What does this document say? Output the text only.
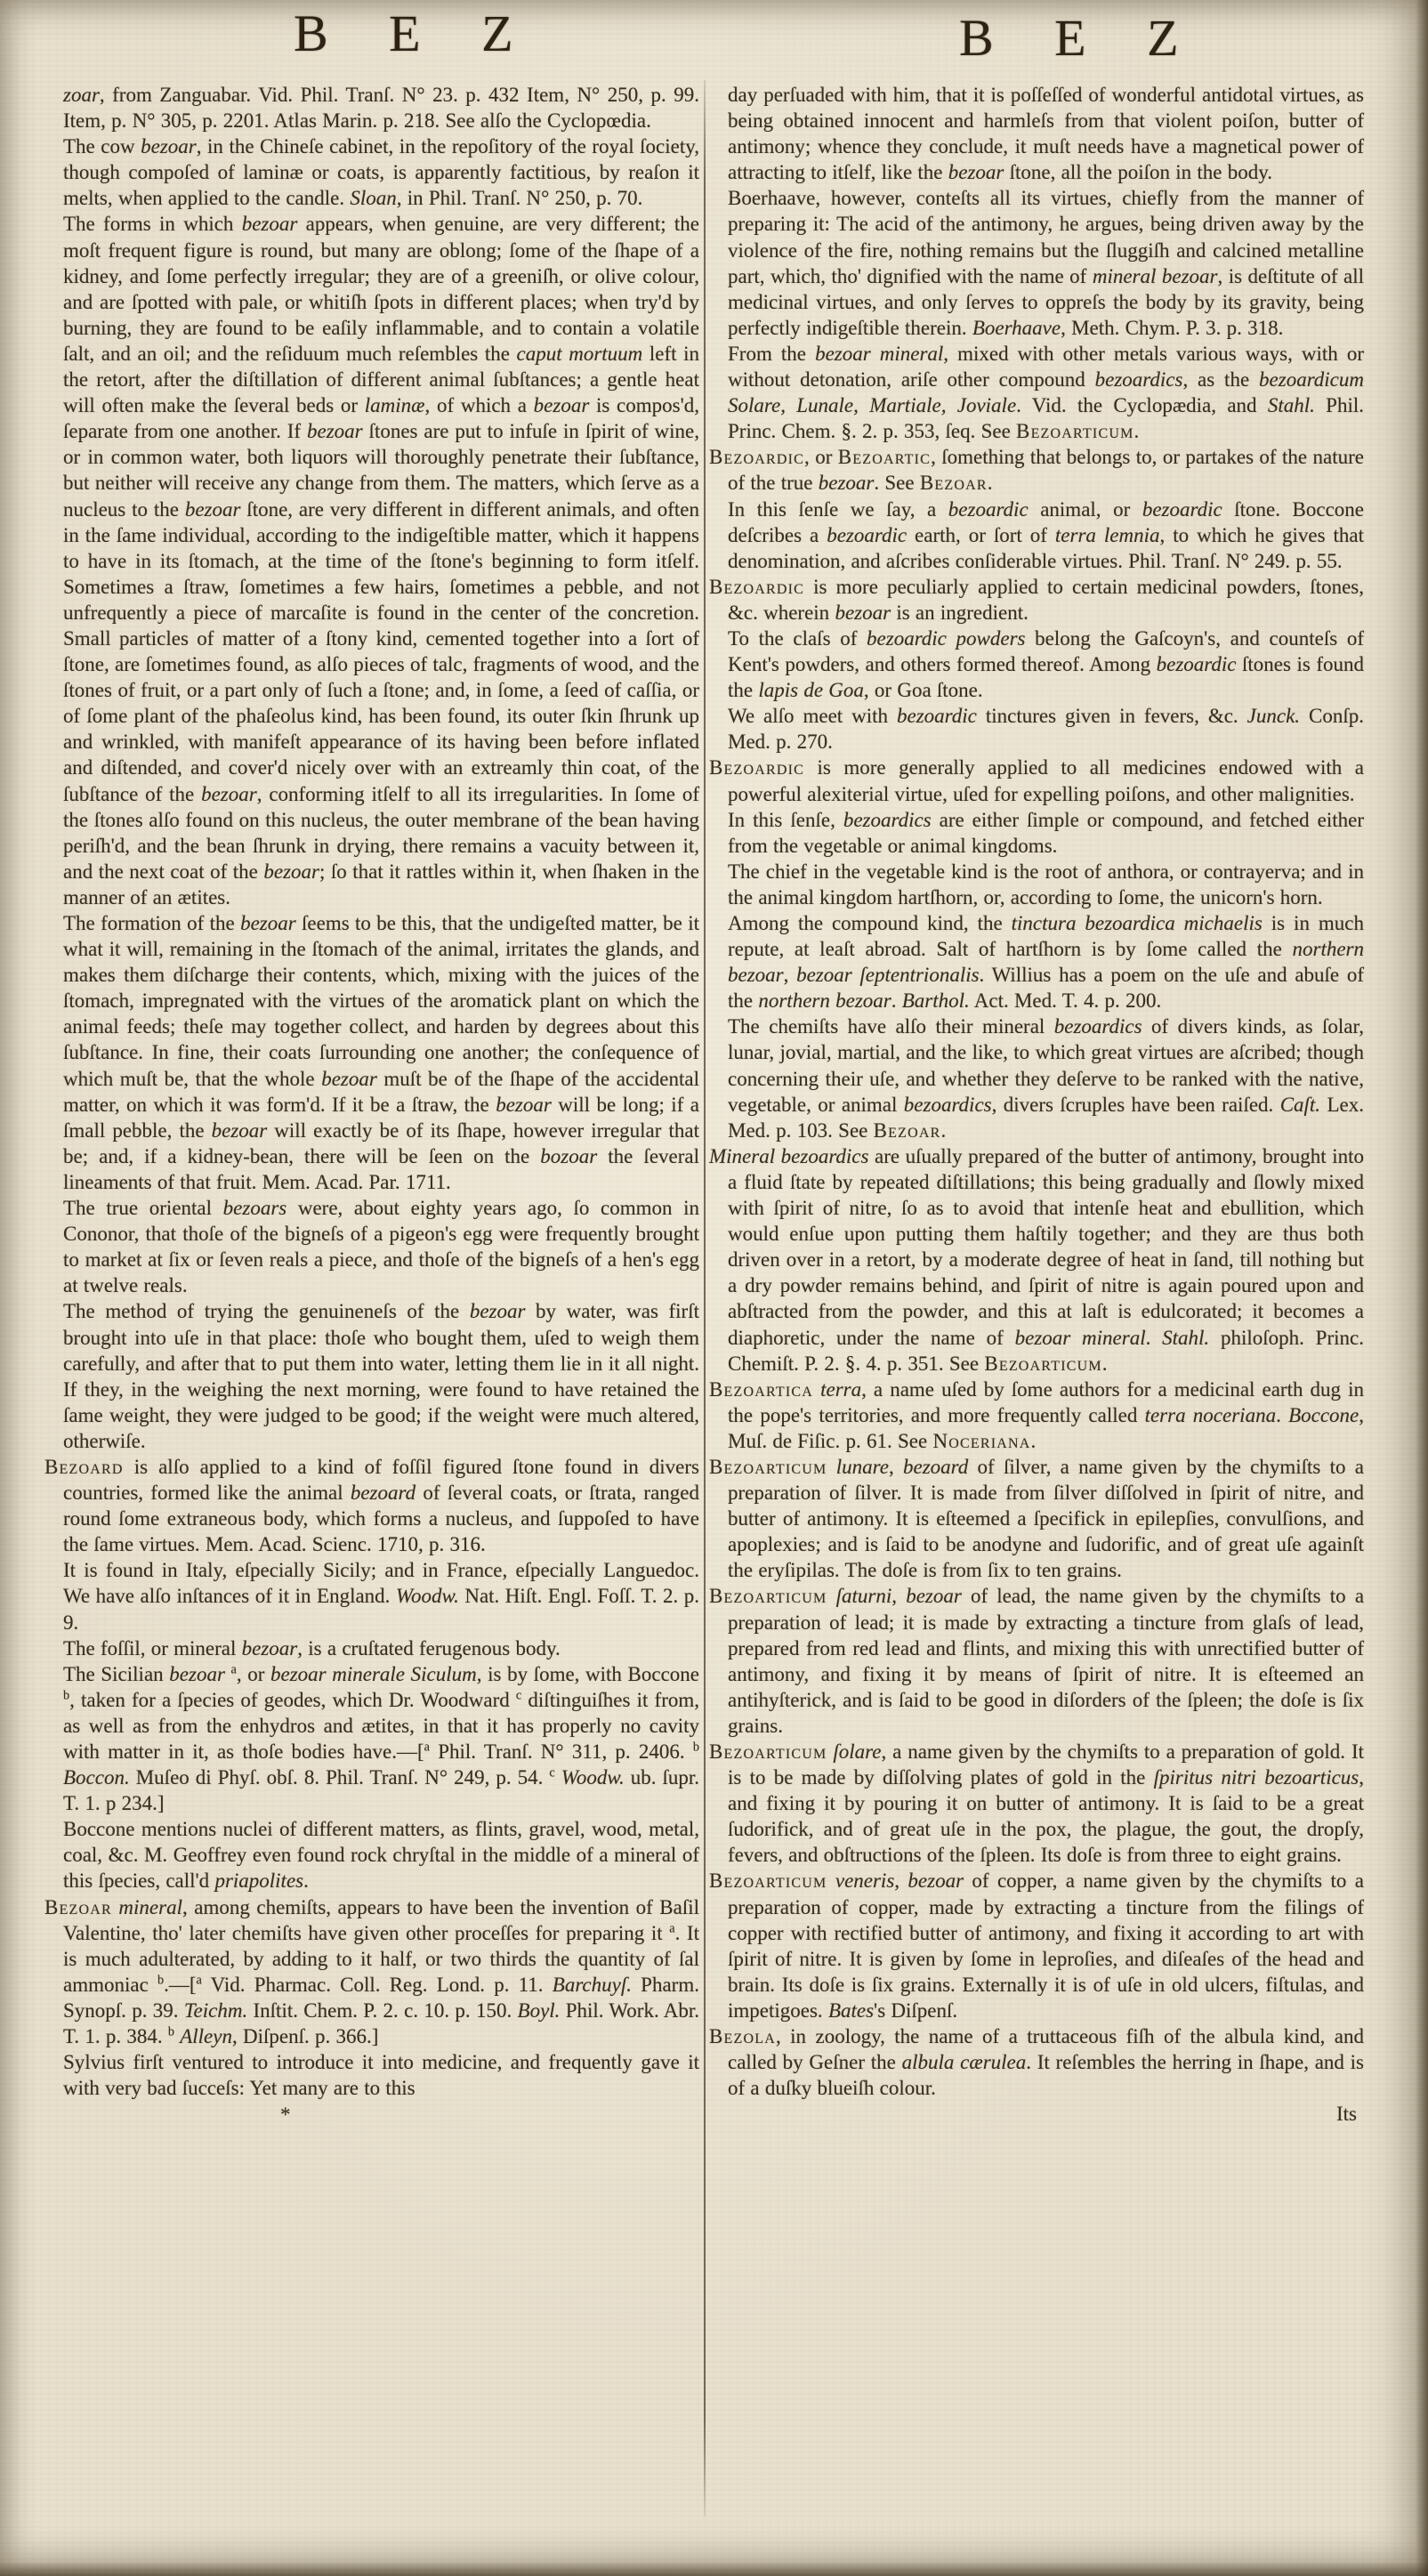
B E Z	B E Z

zoar, from Zanguabar. Vid. Phil. Tranſ. N° 23. p. 432 Item, N° 250, p. 99. Item, p. N° 305, p. 2201. Atlas Marin. p. 218. See alſo the Cyclopœdia.

The cow bezoar, in the Chineſe cabinet, in the repoſitory of the royal ſociety, though compoſed of laminæ or coats, is apparently factitious, by reaſon it melts, when applied to the candle. Sloan, in Phil. Tranſ. N° 250, p. 70.

The forms in which bezoar appears, when genuine, are very different; the moſt frequent figure is round, but many are oblong; ſome of the ſhape of a kidney, and ſome perfectly irregular; they are of a greeniſh, or olive colour, and are ſpotted with pale, or whitiſh ſpots in different places; when try'd by burning, they are found to be eaſily inflammable, and to contain a volatile ſalt, and an oil; and the reſiduum much reſembles the caput mortuum left in the retort, after the diſtillation of different animal ſubſtances; a gentle heat will often make the ſeveral beds or laminæ, of which a bezoar is compos'd, ſeparate from one another. If bezoar ſtones are put to infuſe in ſpirit of wine, or in common water, both liquors will thoroughly penetrate their ſubſtance, but neither will receive any change from them. The matters, which ſerve as a nucleus to the bezoar ſtone, are very different in different animals, and often in the ſame individual, according to the indigeſtible matter, which it happens to have in its ſtomach, at the time of the ſtone's beginning to form itſelf. Sometimes a ſtraw, ſometimes a few hairs, ſometimes a pebble, and not unfrequently a piece of marcaſite is found in the center of the concretion. Small particles of matter of a ſtony kind, cemented together into a ſort of ſtone, are ſometimes found, as alſo pieces of talc, fragments of wood, and the ſtones of fruit, or a part only of ſuch a ſtone; and, in ſome, a ſeed of caſſia, or of ſome plant of the phaſeolus kind, has been found, its outer ſkin ſhrunk up and wrinkled, with manifeſt appearance of its having been before inflated and diſtended, and cover'd nicely over with an extreamly thin coat, of the ſubſtance of the bezoar, conforming itſelf to all its irregularities. In ſome of the ſtones alſo found on this nucleus, the outer membrane of the bean having periſh'd, and the bean ſhrunk in drying, there remains a vacuity between it, and the next coat of the bezoar; ſo that it rattles within it, when ſhaken in the manner of an ætites.

The formation of the bezoar ſeems to be this, that the undigeſted matter, be it what it will, remaining in the ſtomach of the animal, irritates the glands, and makes them diſcharge their contents, which, mixing with the juices of the ſtomach, impregnated with the virtues of the aromatick plant on which the animal feeds; theſe may together collect, and harden by degrees about this ſubſtance. In fine, their coats ſurrounding one another; the conſequence of which muſt be, that the whole bezoar muſt be of the ſhape of the accidental matter, on which it was form'd. If it be a ſtraw, the bezoar will be long; if a ſmall pebble, the bezoar will exactly be of its ſhape, however irregular that be; and, if a kidney-bean, there will be ſeen on the bozoar the ſeveral lineaments of that fruit. Mem. Acad. Par. 1711.

The true oriental bezoars were, about eighty years ago, ſo common in Cononor, that thoſe of the bigneſs of a pigeon's egg were frequently brought to market at ſix or ſeven reals a piece, and thoſe of the bigneſs of a hen's egg at twelve reals.

The method of trying the genuineneſs of the bezoar by water, was firſt brought into uſe in that place: thoſe who bought them, uſed to weigh them carefully, and after that to put them into water, letting them lie in it all night. If they, in the weighing the next morning, were found to have retained the ſame weight, they were judged to be good; if the weight were much altered, otherwiſe.

Bezoard is alſo applied to a kind of foſſil figured ſtone found in divers countries, formed like the animal bezoard of ſeveral coats, or ſtrata, ranged round ſome extraneous body, which forms a nucleus, and ſuppoſed to have the ſame virtues. Mem. Acad. Scienc. 1710, p. 316.

It is found in Italy, eſpecially Sicily; and in France, eſpecially Languedoc. We have alſo inſtances of it in England. Woodw. Nat. Hiſt. Engl. Foſſ. T. 2. p. 9.

The foſſil, or mineral bezoar, is a cruſtated ferugenous body.

The Sicilian bezoar $^a$, or bezoar minerale Siculum, is by ſome, with Boccone $^b$, taken for a ſpecies of geodes, which Dr. Woodward $^c$ diſtinguiſhes it from, as well as from the enhydros and ætites, in that it has properly no cavity with matter in it, as thoſe bodies have.—[$^a$ Phil. Tranſ. N° 311, p. 2406. $^b$ Boccon. Muſeo di Phyſ. obſ. 8. Phil. Tranſ. N° 249, p. 54. $^c$ Woodw. ub. ſupr. T. 1. p 234.]

Boccone mentions nuclei of different matters, as flints, gravel, wood, metal, coal, &c. M. Geoffrey even found rock chryſtal in the middle of a mineral of this ſpecies, call'd priapolites.

Bezoar mineral, among chemiſts, appears to have been the invention of Baſil Valentine, tho' later chemiſts have given other proceſſes for preparing it $^a$. It is much adulterated, by adding to it half, or two thirds the quantity of ſal ammoniac $^b$.—[$^a$ Vid. Pharmac. Coll. Reg. Lond. p. 11. Barchuyſ. Pharm. Synopſ. p. 39. Teichm. Inſtit. Chem. P. 2. c. 10. p. 150. Boyl. Phil. Work. Abr. T. 1. p. 384. $^b$ Alleyn, Diſpenſ. p. 366.]

Sylvius firſt ventured to introduce it into medicine, and frequently gave it with very bad ſucceſs: Yet many are to this

*

day perſuaded with him, that it is poſſeſſed of wonderful antidotal virtues, as being obtained innocent and harmleſs from that violent poiſon, butter of antimony; whence they conclude, it muſt needs have a magnetical power of attracting to itſelf, like the bezoar ſtone, all the poiſon in the body.

Boerhaave, however, conteſts all its virtues, chiefly from the manner of preparing it: The acid of the antimony, he argues, being driven away by the violence of the fire, nothing remains but the ſluggiſh and calcined metalline part, which, tho' dignified with the name of mineral bezoar, is deſtitute of all medicinal virtues, and only ſerves to oppreſs the body by its gravity, being perfectly indigeſtible therein. Boerhaave, Meth. Chym. P. 3. p. 318.

From the bezoar mineral, mixed with other metals various ways, with or without detonation, ariſe other compound bezoardics, as the bezoardicum Solare, Lunale, Martiale, Joviale. Vid. the Cyclopædia, and Stahl. Phil. Princ. Chem. §. 2. p. 353, ſeq. See Bezoarticum.

Bezoardic, or Bezoartic, ſomething that belongs to, or partakes of the nature of the true bezoar. See Bezoar.

In this ſenſe we ſay, a bezoardic animal, or bezoardic ſtone. Boccone deſcribes a bezoardic earth, or ſort of terra lemnia, to which he gives that denomination, and aſcribes conſiderable virtues. Phil. Tranſ. N° 249. p. 55.

Bezoardic is more peculiarly applied to certain medicinal powders, ſtones, &c. wherein bezoar is an ingredient.

To the claſs of bezoardic powders belong the Gaſcoyn's, and counteſs of Kent's powders, and others formed thereof. Among bezoardic ſtones is found the lapis de Goa, or Goa ſtone.

We alſo meet with bezoardic tinctures given in fevers, &c. Junck. Conſp. Med. p. 270.

Bezoardic is more generally applied to all medicines endowed with a powerful alexiterial virtue, uſed for expelling poiſons, and other malignities.

In this ſenſe, bezoardics are either ſimple or compound, and fetched either from the vegetable or animal kingdoms.

The chief in the vegetable kind is the root of anthora, or contrayerva; and in the animal kingdom hartſhorn, or, according to ſome, the unicorn's horn.

Among the compound kind, the tinctura bezoardica michaelis is in much repute, at leaſt abroad. Salt of hartſhorn is by ſome called the northern bezoar, bezoar ſeptentrionalis. Willius has a poem on the uſe and abuſe of the northern bezoar. Barthol. Act. Med. T. 4. p. 200.

The chemiſts have alſo their mineral bezoardics of divers kinds, as ſolar, lunar, jovial, martial, and the like, to which great virtues are aſcribed; though concerning their uſe, and whether they deſerve to be ranked with the native, vegetable, or animal bezoardics, divers ſcruples have been raiſed. Caſt. Lex. Med. p. 103. See Bezoar.

Mineral bezoardics are uſually prepared of the butter of antimony, brought into a fluid ſtate by repeated diſtillations; this being gradually and ſlowly mixed with ſpirit of nitre, ſo as to avoid that intenſe heat and ebullition, which would enſue upon putting them haſtily together; and they are thus both driven over in a retort, by a moderate degree of heat in ſand, till nothing but a dry powder remains behind, and ſpirit of nitre is again poured upon and abſtracted from the powder, and this at laſt is edulcorated; it becomes a diaphoretic, under the name of bezoar mineral. Stahl. philoſoph. Princ. Chemiſt. P. 2. §. 4. p. 351. See Bezoarticum.

Bezoartica terra, a name uſed by ſome authors for a medicinal earth dug in the pope's territories, and more frequently called terra noceriana. Boccone, Muſ. de Fiſic. p. 61. See Noceriana.

Bezoarticum lunare, bezoard of ſilver, a name given by the chymiſts to a preparation of ſilver. It is made from ſilver diſſolved in ſpirit of nitre, and butter of antimony. It is eſteemed a ſpecifick in epilepſies, convulſions, and apoplexies; and is ſaid to be anodyne and ſudorific, and of great uſe againſt the eryſipilas. The doſe is from ſix to ten grains.

Bezoarticum ſaturni, bezoar of lead, the name given by the chymiſts to a preparation of lead; it is made by extracting a tincture from glaſs of lead, prepared from red lead and flints, and mixing this with unrectified butter of antimony, and fixing it by means of ſpirit of nitre. It is eſteemed an antihyſterick, and is ſaid to be good in diſorders of the ſpleen; the doſe is ſix grains.

Bezoarticum ſolare, a name given by the chymiſts to a preparation of gold. It is to be made by diſſolving plates of gold in the ſpiritus nitri bezoarticus, and fixing it by pouring it on butter of antimony. It is ſaid to be a great ſudorifick, and of great uſe in the pox, the plague, the gout, the dropſy, fevers, and obſtructions of the ſpleen. Its doſe is from three to eight grains.

Bezoarticum veneris, bezoar of copper, a name given by the chymiſts to a preparation of copper, made by extracting a tincture from the filings of copper with rectified butter of antimony, and fixing it according to art with ſpirit of nitre. It is given by ſome in leproſies, and diſeaſes of the head and brain. Its doſe is ſix grains. Externally it is of uſe in old ulcers, fiſtulas, and impetigoes. Bates's Diſpenſ.

Bezola, in zoology, the name of a truttaceous fiſh of the albula kind, and called by Geſner the albula cærulea. It reſembles the herring in ſhape, and is of a duſky blueiſh colour.

Its
